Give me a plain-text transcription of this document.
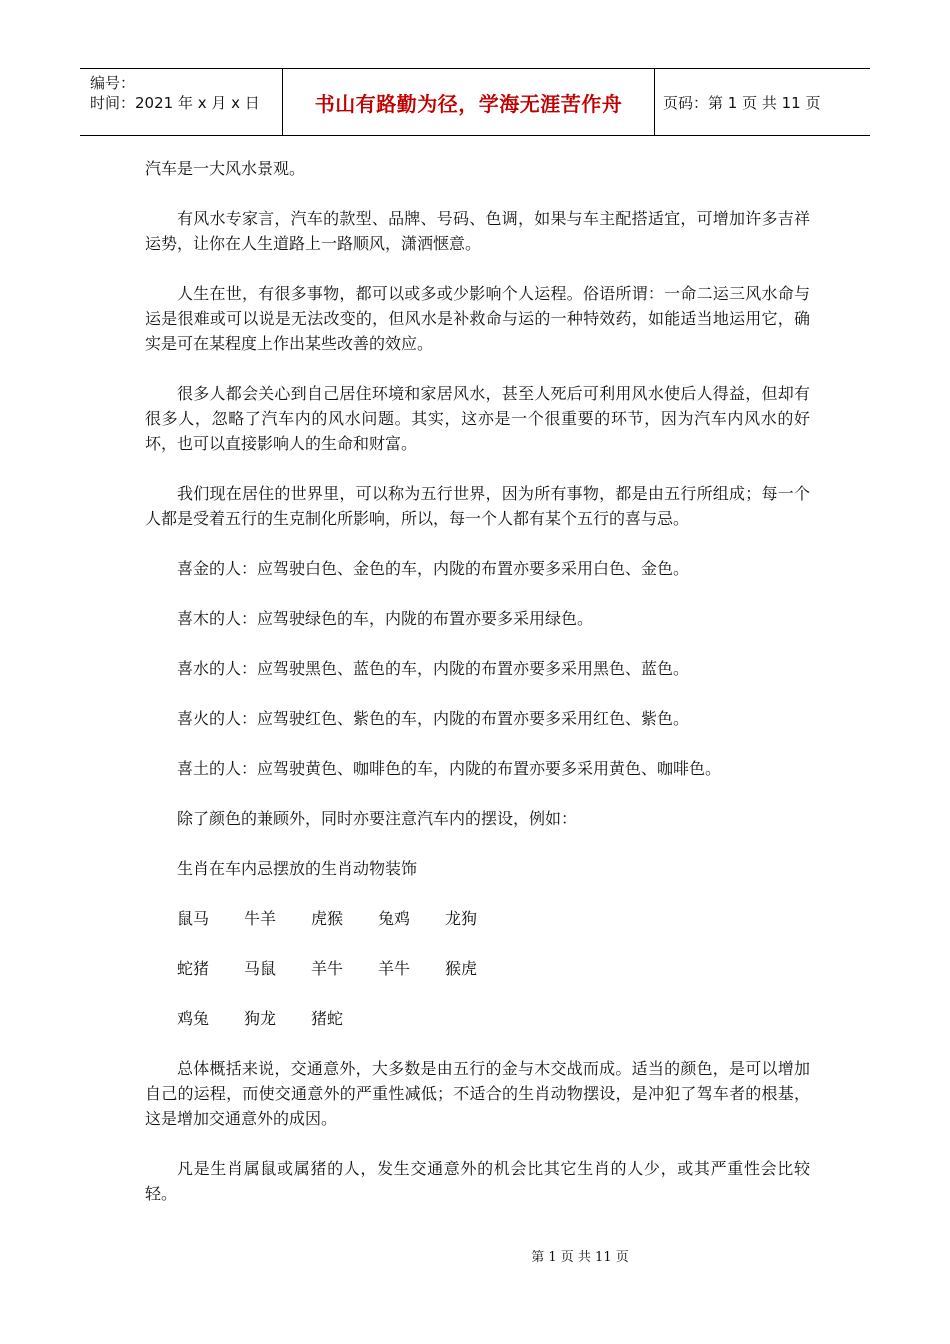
编号：
时间：2021 年 x 月 x 日	书山有路勤为径，学海无涯苦作舟	页码：第 1 页 共 11 页

汽车是一大风水景观。

有风水专家言，汽车的款型、品牌、号码、色调，如果与车主配搭适宜，可增加许多吉祥运势，让你在人生道路上一路顺风，潇洒惬意。

人生在世，有很多事物，都可以或多或少影响个人运程。俗语所谓：一命二运三风水命与运是很难或可以说是无法改变的，但风水是补救命与运的一种特效药，如能适当地运用它，确实是可在某程度上作出某些改善的效应。

很多人都会关心到自己居住环境和家居风水，甚至人死后可利用风水使后人得益，但却有很多人，忽略了汽车内的风水问题。其实，这亦是一个很重要的环节，因为汽车内风水的好坏，也可以直接影响人的生命和财富。

我们现在居住的世界里，可以称为五行世界，因为所有事物，都是由五行所组成；每一个人都是受着五行的生克制化所影响，所以，每一个人都有某个五行的喜与忌。

喜金的人：应驾驶白色、金色的车，内陇的布置亦要多采用白色、金色。

喜木的人：应驾驶绿色的车，内陇的布置亦要多采用绿色。

喜水的人：应驾驶黑色、蓝色的车，内陇的布置亦要多采用黑色、蓝色。

喜火的人：应驾驶红色、紫色的车，内陇的布置亦要多采用红色、紫色。

喜土的人：应驾驶黄色、咖啡色的车，内陇的布置亦要多采用黄色、咖啡色。

除了颜色的兼顾外，同时亦要注意汽车内的摆设，例如：

生肖在车内忌摆放的生肖动物装饰

鼠马	牛羊	虎猴	兔鸡	龙狗
蛇猪	马鼠	羊牛	羊牛	猴虎
鸡兔	狗龙	猪蛇

总体概括来说，交通意外，大多数是由五行的金与木交战而成。适当的颜色，是可以增加自己的运程，而使交通意外的严重性减低；不适合的生肖动物摆设，是冲犯了驾车者的根基，这是增加交通意外的成因。

凡是生肖属鼠或属猪的人，发生交通意外的机会比其它生肖的人少，或其严重性会比较轻。

第 1 页 共 11 页
